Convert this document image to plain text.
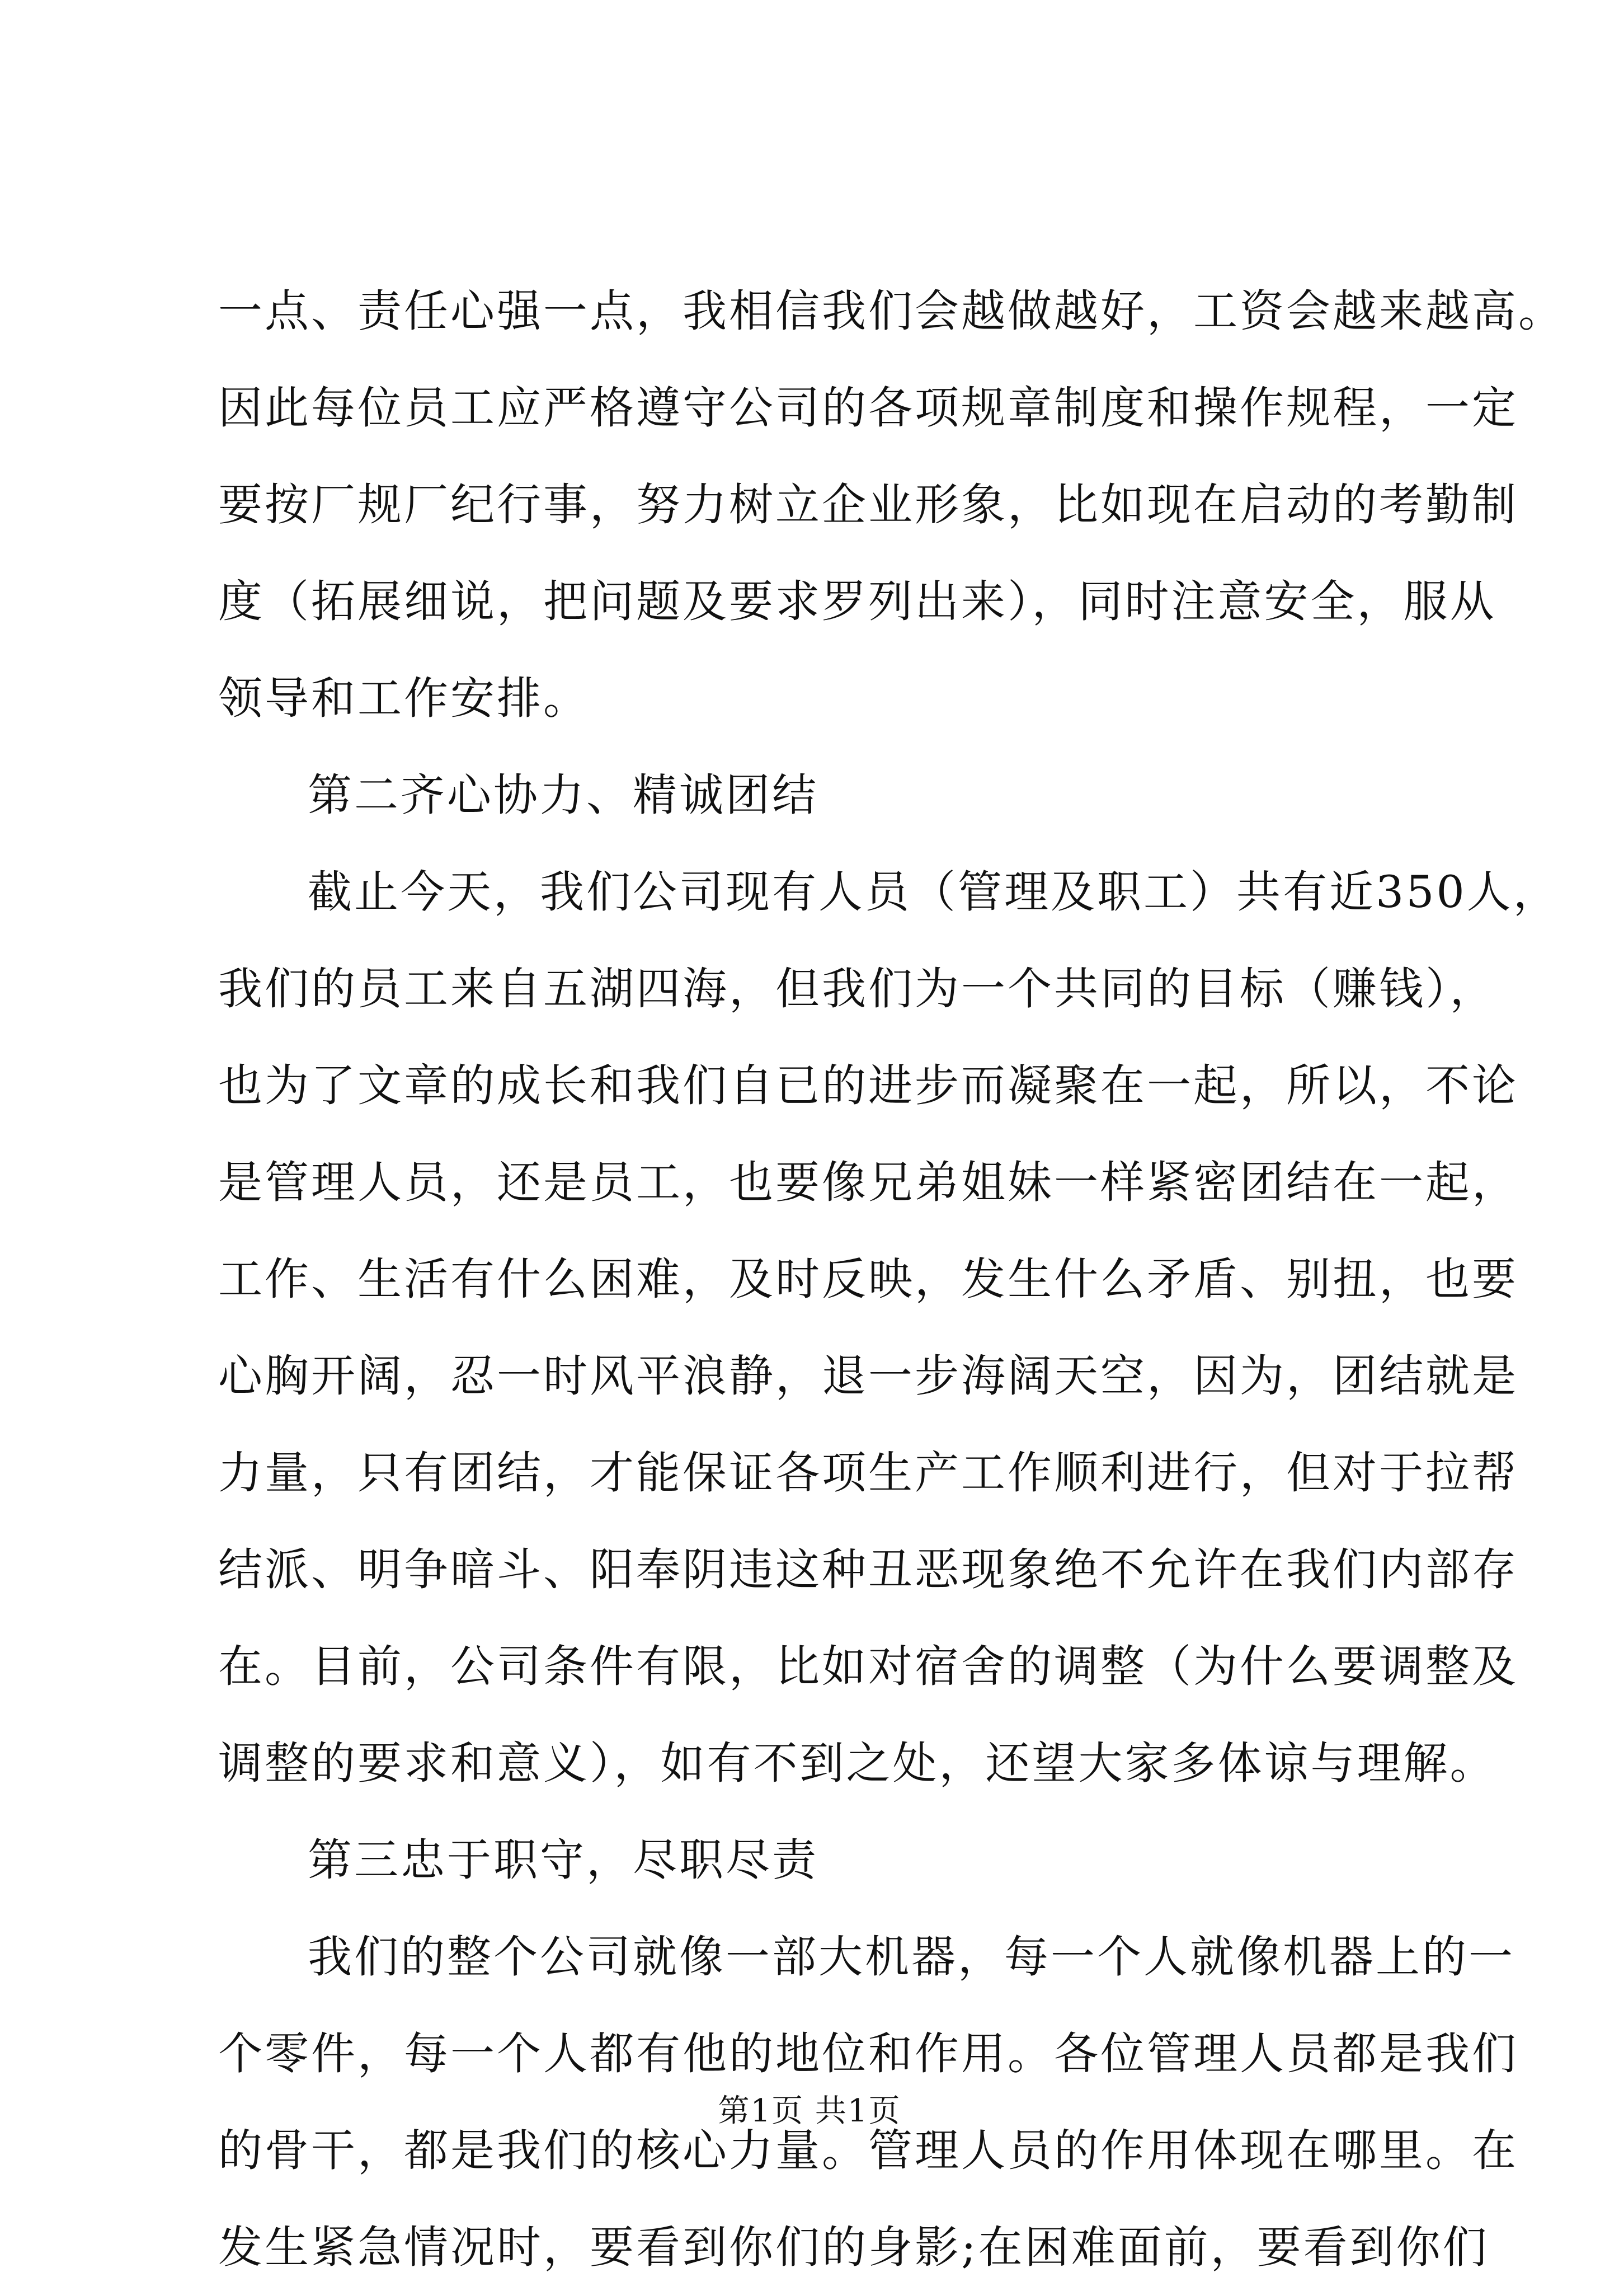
一点、责任心强一点，我相信我们会越做越好，工资会越来越高。
因此每位员工应严格遵守公司的各项规章制度和操作规程，一定
要按厂规厂纪行事，努力树立企业形象，比如现在启动的考勤制
度（拓展细说，把问题及要求罗列出来），同时注意安全，服从
领导和工作安排。
第二齐心协力、精诚团结
截止今天，我们公司现有人员（管理及职工）共有近350人，
我们的员工来自五湖四海，但我们为一个共同的目标（赚钱），
也为了文章的成长和我们自已的进步而凝聚在一起，所以，不论
是管理人员，还是员工，也要像兄弟姐妹一样紧密团结在一起，
工作、生活有什么困难，及时反映，发生什么矛盾、别扭，也要
心胸开阔，忍一时风平浪静，退一步海阔天空，因为，团结就是
力量，只有团结，才能保证各项生产工作顺利进行，但对于拉帮
结派、明争暗斗、阳奉阴违这种丑恶现象绝不允许在我们内部存
在。目前，公司条件有限，比如对宿舍的调整（为什么要调整及
调整的要求和意义），如有不到之处，还望大家多体谅与理解。
第三忠于职守，尽职尽责
我们的整个公司就像一部大机器，每一个人就像机器上的一
个零件，每一个人都有他的地位和作用。各位管理人员都是我们
的骨干，都是我们的核心力量。管理人员的作用体现在哪里。在
发生紧急情况时，要看到你们的身影;在困难面前，要看到你们
第1页 共1页
